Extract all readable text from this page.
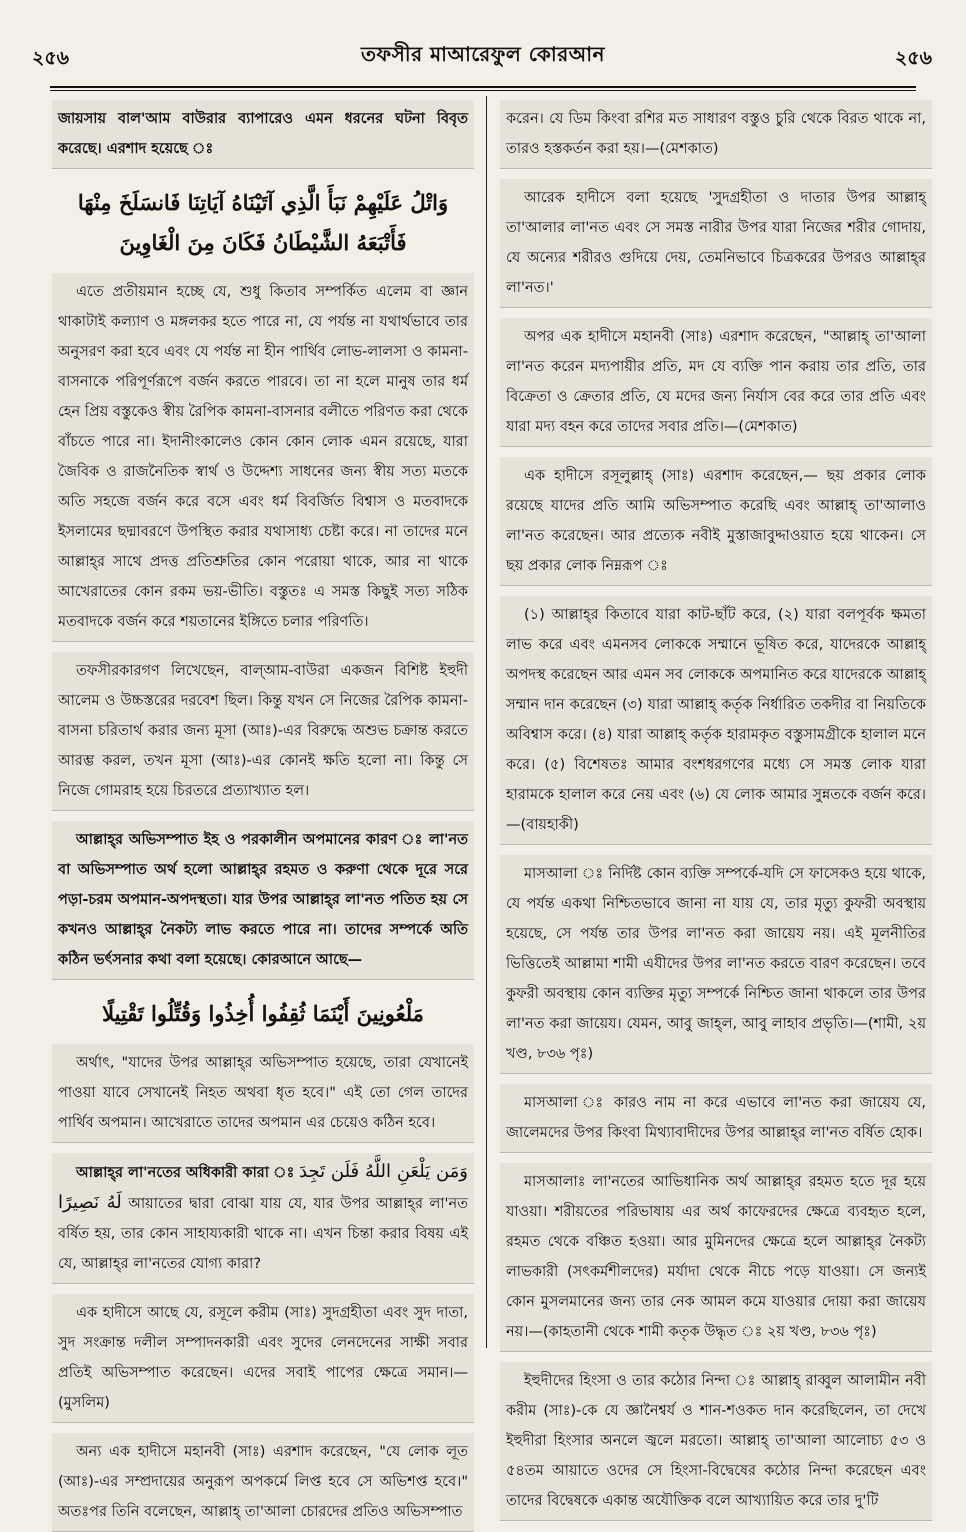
২৫৬	তফসীর মাআরেফুল কোরআন	২৫৬

জায়সায় বাল'আম বাউরার ব্যাপারেও এমন ধরনের ঘটনা বিবৃত করেছে। এরশাদ হয়েছে ঃ

وَاتْلُ عَلَيْهِمْ نَبَأَ الَّذِي آتَيْنَاهُ آيَاتِنَا فَانسَلَخَ مِنْهَا فَأَتْبَعَهُ الشَّيْطَانُ فَكَانَ مِنَ الْغَاوِينَ

এতে প্রতীয়মান হচ্ছে যে, শুধু কিতাব সম্পর্কিত এলেম বা জ্ঞান থাকাটাই কল্যাণ ও মঙ্গলকর হতে পারে না, যে পর্যন্ত না যথার্থভাবে তার অনুসরণ করা হবে এবং যে পর্যন্ত না হীন পার্থিব লোভ-লালসা ও কামনা-বাসনাকে পরিপূর্ণরূপে বর্জন করতে পারবে। তা না হলে মানুষ তার ধর্ম হেন প্রিয় বস্তুকেও স্বীয় রৈপিক কামনা-বাসনার বলীতে পরিণত করা থেকে বাঁচতে পারে না। ইদানীংকালেও কোন কোন লোক এমন রয়েছে, যারা জৈবিক ও রাজনৈতিক স্বার্থ ও উদ্দেশ্য সাধনের জন্য স্বীয় সত্য মতকে অতি সহজে বর্জন করে বসে এবং ধর্ম বিবর্জিত বিশ্বাস ও মতবাদকে ইসলামের ছদ্মাবরণে উপস্থিত করার যথাসাধ্য চেষ্টা করে। না তাদের মনে আল্লাহ্‌র সাথে প্রদত্ত প্রতিশ্রুতির কোন পরোয়া থাকে, আর না থাকে আখেরাতের কোন রকম ভয়-ভীতি। বস্তুতঃ এ সমস্ত কিছুই সত্য সঠিক মতবাদকে বর্জন করে শয়তানের ইঙ্গিতে চলার পরিণতি।

তফসীরকারগণ লিখেছেন, বাল্‌আম-বাউরা একজন বিশিষ্ট ইহুদী আলেম ও উচ্চস্তরের দরবেশ ছিল। কিন্তু যখন সে নিজের রৈপিক কামনা-বাসনা চরিতার্থ করার জন্য মূসা (আঃ)-এর বিরুদ্ধে অশুভ চক্রান্ত করতে আরম্ভ করল, তখন মূসা (আঃ)-এর কোনই ক্ষতি হলো না। কিন্তু সে নিজে গোমরাহ হয়ে চিরতরে প্রত্যাখ্যাত হল।

আল্লাহ্‌র অভিসম্পাত ইহ ও পরকালীন অপমানের কারণ ঃ লা'নত বা অভিসম্পাত অর্থ হলো আল্লাহ্‌র রহমত ও করুণা থেকে দূরে সরে পড়া-চরম অপমান-অপদস্থতা। যার উপর আল্লাহ্‌র লা'নত পতিত হয় সে কখনও আল্লাহ্‌র নৈকট্য লাভ করতে পারে না। তাদের সম্পর্কে অতি কঠিন ভর্ৎসনার কথা বলা হয়েছে। কোরআনে আছে—

مَلْعُونِينَ أَيْنَمَا ثُقِفُوا أُخِذُوا وَقُتِّلُوا تَقْتِيلًا

অর্থাৎ, "যাদের উপর আল্লাহ্‌র অভিসম্পাত হয়েছে, তারা যেখানেই পাওয়া যাবে সেখানেই নিহত অথবা ধৃত হবে।" এই তো গেল তাদের পার্থিব অপমান। আখেরাতে তাদের অপমান এর চেয়েও কঠিন হবে।

আল্লাহ্‌র লা'নতের অধিকারী কারা ঃ وَمَن يَلْعَنِ اللَّهُ فَلَن تَجِدَ لَهُ نَصِيرًا আয়াতের দ্বারা বোঝা যায় যে, যার উপর আল্লাহ্‌র লা'নত বর্ষিত হয়, তার কোন সাহায্যকারী থাকে না। এখন চিন্তা করার বিষয় এই যে, আল্লাহ্‌র লা'নতের যোগ্য কারা?

এক হাদীসে আছে যে, রসূলে করীম (সাঃ) সুদগ্রহীতা এবং সুদ দাতা, সুদ সংক্রান্ত দলীল সম্পাদনকারী এবং সুদের লেনদেনের সাক্ষী সবার প্রতিই অভিসম্পাত করেছেন। এদের সবাই পাপের ক্ষেত্রে সমান।—(মুসলিম)

অন্য এক হাদীসে মহানবী (সাঃ) এরশাদ করেছেন, "যে লোক লূত (আঃ)-এর সম্প্রদায়ের অনুরূপ অপকর্মে লিপ্ত হবে সে অভিশপ্ত হবে।" অতঃপর তিনি বলেছেন, আল্লাহ্ তা'আলা চোরদের প্রতিও অভিসম্পাত

করেন। যে ডিম কিংবা রশির মত সাধারণ বস্তুও চুরি থেকে বিরত থাকে না, তারও হস্তকর্তন করা হয়।—(মেশকাত)

আরেক হাদীসে বলা হয়েছে 'সুদগ্রহীতা ও দাতার উপর আল্লাহ্ তা'আলার লা'নত এবং সে সমস্ত নারীর উপর যারা নিজের শরীর গোদায়, যে অন্যের শরীরও গুদিয়ে দেয়, তেমনিভাবে চিত্রকরের উপরও আল্লাহ্‌র লা'নত।'

অপর এক হাদীসে মহানবী (সাঃ) এরশাদ করেছেন, "আল্লাহ্ তা'আলা লা'নত করেন মদ্যপায়ীর প্রতি, মদ যে ব্যক্তি পান করায় তার প্রতি, তার বিক্রেতা ও ক্রেতার প্রতি, যে মদের জন্য নির্যাস বের করে তার প্রতি এবং যারা মদ্য বহন করে তাদের সবার প্রতি।—(মেশকাত)

এক হাদীসে রসূলুল্লাহ্ (সাঃ) এরশাদ করেছেন,— ছয় প্রকার লোক রয়েছে যাদের প্রতি আমি অভিসম্পাত করেছি এবং আল্লাহ্ তা'আলাও লা'নত করেছেন। আর প্রত্যেক নবীই মুস্তাজাবুদ্দাওয়াত হয়ে থাকেন। সে ছয় প্রকার লোক নিম্নরূপ ঃ

(১) আল্লাহ্‌র কিতাবে যারা কাট-ছাঁট করে, (২) যারা বলপূর্বক ক্ষমতা লাভ করে এবং এমনসব লোককে সম্মানে ভূষিত করে, যাদেরকে আল্লাহ্ অপদস্থ করেছেন আর এমন সব লোককে অপমানিত করে যাদেরকে আল্লাহ্ সম্মান দান করেছেন (৩) যারা আল্লাহ্ কর্তৃক নির্ধারিত তকদীর বা নিয়তিকে অবিশ্বাস করে। (৪) যারা আল্লাহ্ কর্তৃক হারামকৃত বস্তুসামগ্রীকে হালাল মনে করে। (৫) বিশেষতঃ আমার বংশধরগণের মধ্যে সে সমস্ত লোক যারা হারামকে হালাল করে নেয় এবং (৬) যে লোক আমার সুন্নতকে বর্জন করে।—(বায়হাকী)

মাসআলা ঃ নির্দিষ্ট কোন ব্যক্তি সম্পর্কে-যদি সে ফাসেকও হয়ে থাকে, যে পর্যন্ত একথা নিশ্চিতভাবে জানা না যায় যে, তার মৃত্যু কুফরী অবস্থায় হয়েছে, সে পর্যন্ত তার উপর লা'নত করা জায়েয নয়। এই মূলনীতির ভিত্তিতেই আল্লামা শামী এযীদের উপর লা'নত করতে বারণ করেছেন। তবে কুফরী অবস্থায় কোন ব্যক্তির মৃত্যু সম্পর্কে নিশ্চিত জানা থাকলে তার উপর লা'নত করা জায়েয। যেমন, আবু জাহ্‌ল, আবু লাহাব প্রভৃতি।—(শামী, ২য় খণ্ড, ৮৩৬ পৃঃ)

মাসআলা ঃ কারও নাম না করে এভাবে লা'নত করা জায়েয যে, জালেমদের উপর কিংবা মিথ্যাবাদীদের উপর আল্লাহ্‌র লা'নত বর্ষিত হোক।

মাসআলাঃ লা'নতের আভিধানিক অর্থ আল্লাহ্‌র রহমত হতে দূর হয়ে যাওয়া। শরীয়তের পরিভাষায় এর অর্থ কাফেরদের ক্ষেত্রে ব্যবহৃত হলে, রহমত থেকে বঞ্চিত হওয়া। আর মুমিনদের ক্ষেত্রে হলে আল্লাহ্‌র নৈকট্য লাভকারী (সৎকর্মশীলদের) মর্যাদা থেকে নীচে পড়ে যাওয়া। সে জন্যই কোন মুসলমানের জন্য তার নেক আমল কমে যাওয়ার দোয়া করা জায়েয নয়।—(কাহতানী থেকে শামী কতৃক উদ্ধৃত ঃ ২য় খণ্ড, ৮৩৬ পৃঃ)

ইহুদীদের হিংসা ও তার কঠোর নিন্দা ঃ আল্লাহ্ রাব্বুল আলামীন নবী করীম (সাঃ)-কে যে জ্ঞানৈশ্বর্য ও শান-শওকত দান করেছিলেন, তা দেখে ইহুদীরা হিংসার অনলে জ্বলে মরতো। আল্লাহ্ তা'আলা আলোচ্য ৫৩ ও ৫৪তম আয়াতে ওদের সে হিংসা-বিদ্বেষের কঠোর নিন্দা করেছেন এবং তাদের বিদ্বেষকে একান্ত অযৌক্তিক বলে আখ্যায়িত করে তার দু'টি
